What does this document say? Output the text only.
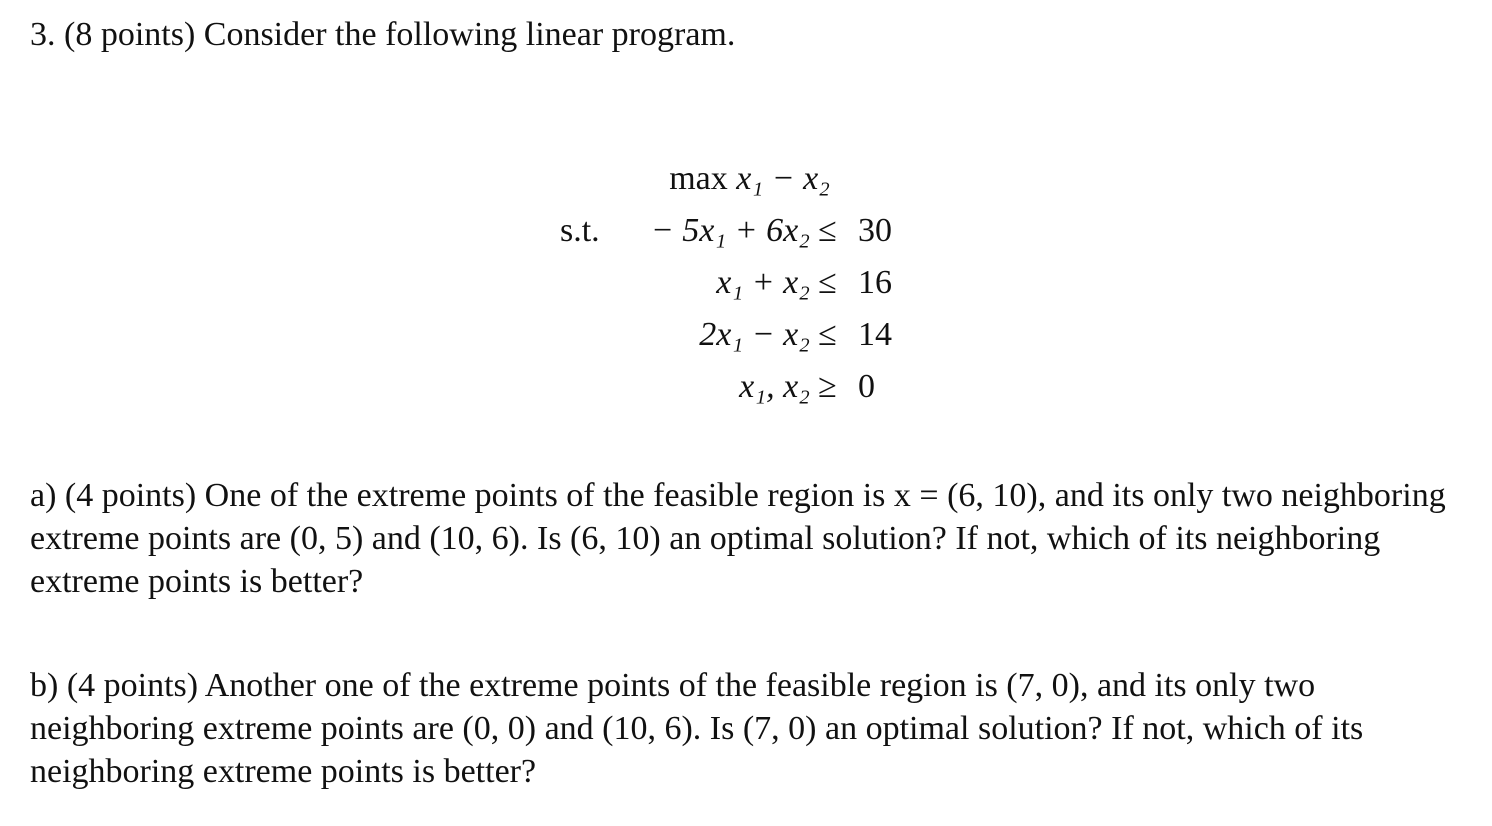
3. (8 points) Consider the following linear program.
max x₁ − x₂
s.t. − 5x₁ + 6x₂ ≤ 30
x₁ + x₂ ≤ 16
2x₁ − x₂ ≤ 14
x₁, x₂ ≥ 0
a) (4 points) One of the extreme points of the feasible region is x = (6, 10), and its only two neighboring extreme points are (0, 5) and (10, 6). Is (6, 10) an optimal solution? If not, which of its neighboring extreme points is better?
b) (4 points) Another one of the extreme points of the feasible region is (7, 0), and its only two neighboring extreme points are (0, 0) and (10, 6). Is (7, 0) an optimal solution? If not, which of its neighboring extreme points is better?
